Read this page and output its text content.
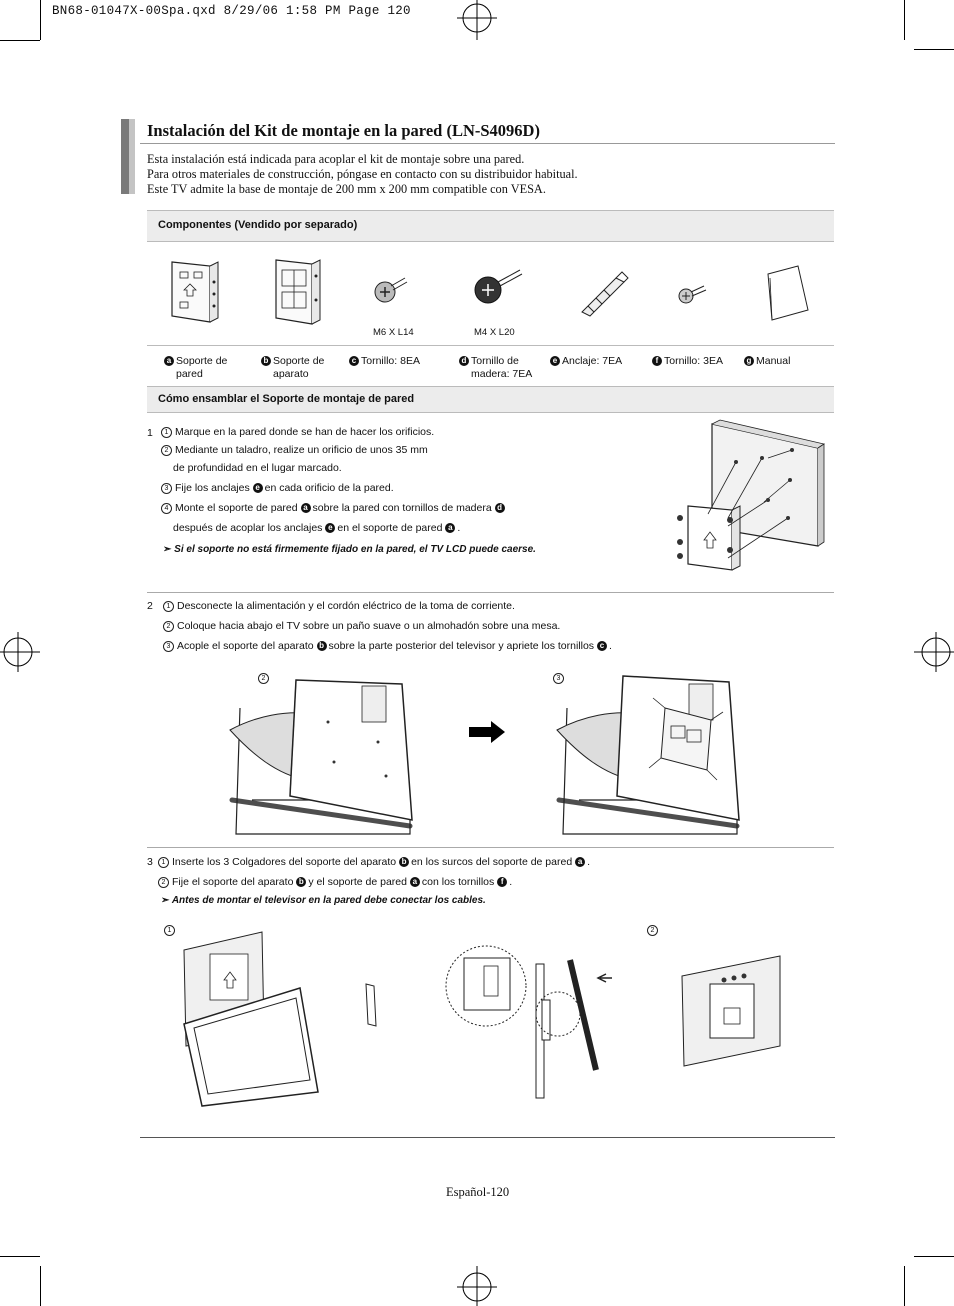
BN68-01047X-00Spa.qxd 8/29/06 1:58 PM Page 120
Instalación del Kit de montaje en la pared (LN-S4096D)
Esta instalación está indicada para acoplar el kit de montaje sobre una pared.
Para otros materiales de construcción, póngase en contacto con su distribuidor habitual.
Este TV admite la base de montaje de 200 mm x 200 mm compatible con VESA.
Componentes (Vendido por separado)
M6 X L14	M4 X L20
a Soporte de
pared
b Soporte de
aparato
c Tornillo: 8EA	d Tornillo de
madera: 7EA
e Anclaje: 7EA	f Tornillo: 3EA	g Manual
Cómo ensamblar el Soporte de montaje de pared
1	1 Marque en la pared donde se han de hacer los orificios.
2 Mediante un taladro, realize un orificio de unos 35 mm
de profundidad en el lugar marcado.
3 Fije los anclajes e en cada orificio de la pared.
4 Monte el soporte de pared a sobre la pared con tornillos de madera d
después de acoplar los anclajes e en el soporte de pared a .
➣ Si el soporte no está firmemente fijado en la pared, el TV LCD puede caerse.
2	1 Desconecte la alimentación y el cordón eléctrico de la toma de corriente.
2 Coloque hacia abajo el TV sobre un paño suave o un almohadón sobre una mesa.
3 Acople el soporte del aparato b sobre la parte posterior del televisor y apriete los tornillos c .
2	3
3	1 Inserte los 3 Colgadores del soporte del aparato b en los surcos del soporte de pared a .
2 Fije el soporte del aparato b y el soporte de pared a con los tornillos f .
➣ Antes de montar el televisor en la pared debe conectar los cables.
1	2
Español-120
